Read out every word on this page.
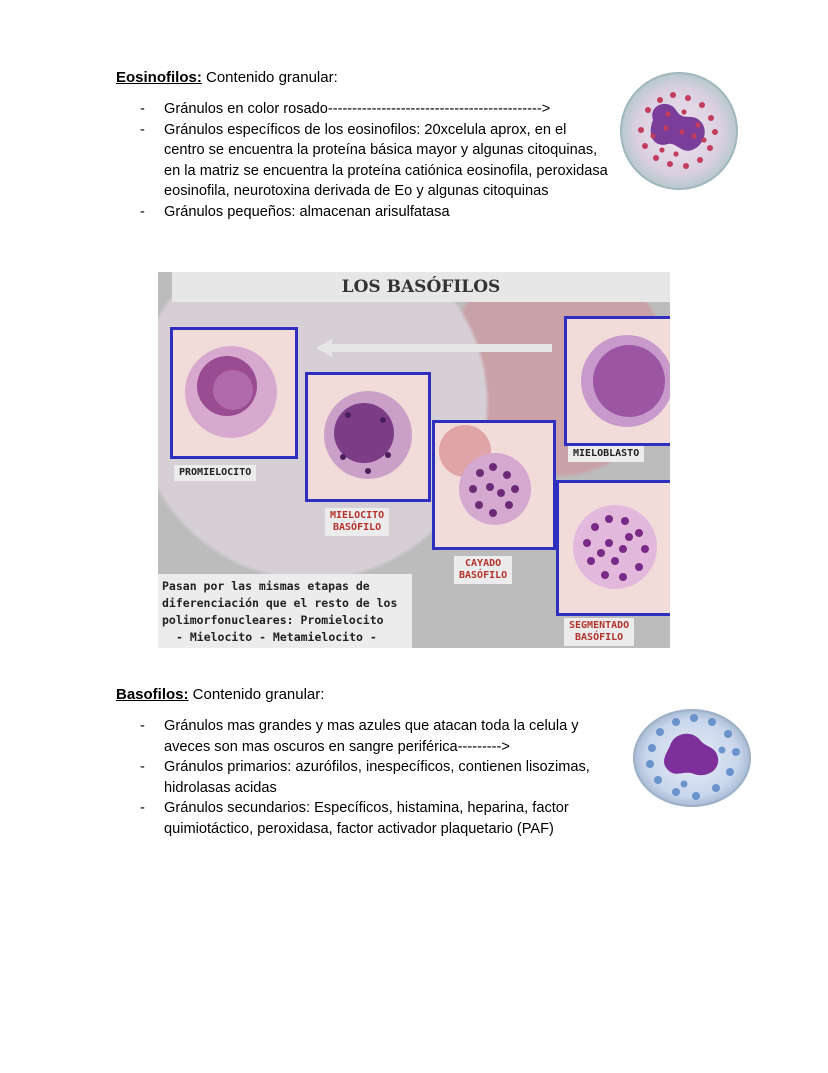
Eosinofilos: Contenido granular:
- Gránulos en color rosado-------------------------------------------->
- Gránulos específicos de los eosinofilos: 20xcelula aprox, en el centro se encuentra la proteína básica mayor y algunas citoquinas, en la matriz se encuentra la proteína catiónica eosinofila, peroxidasa eosinofila, neurotoxina derivada de Eo y algunas citoquinas
- Gránulos pequeños: almacenan arisulfatasa
LOS BASÓFILOS
PROMIELOCITO
MIELOCITO
BASÓFILO
CAYADO
BASÓFILO
MIELOBLASTO
SEGMENTADO
BASÓFILO
Pasan por las mismas etapas de
diferenciación que el resto de los
polimorfonucleares: Promielocito
- Mielocito - Metamielocito -
Basofilos: Contenido granular:
- Gránulos mas grandes y mas azules que atacan toda la celula y aveces son mas oscuros en sangre periférica--------->
- Gránulos primarios: azurófilos, inespecíficos, contienen lisozimas, hidrolasas acidas
- Gránulos secundarios: Específicos, histamina, heparina, factor quimiotáctico, peroxidasa, factor activador plaquetario (PAF)
